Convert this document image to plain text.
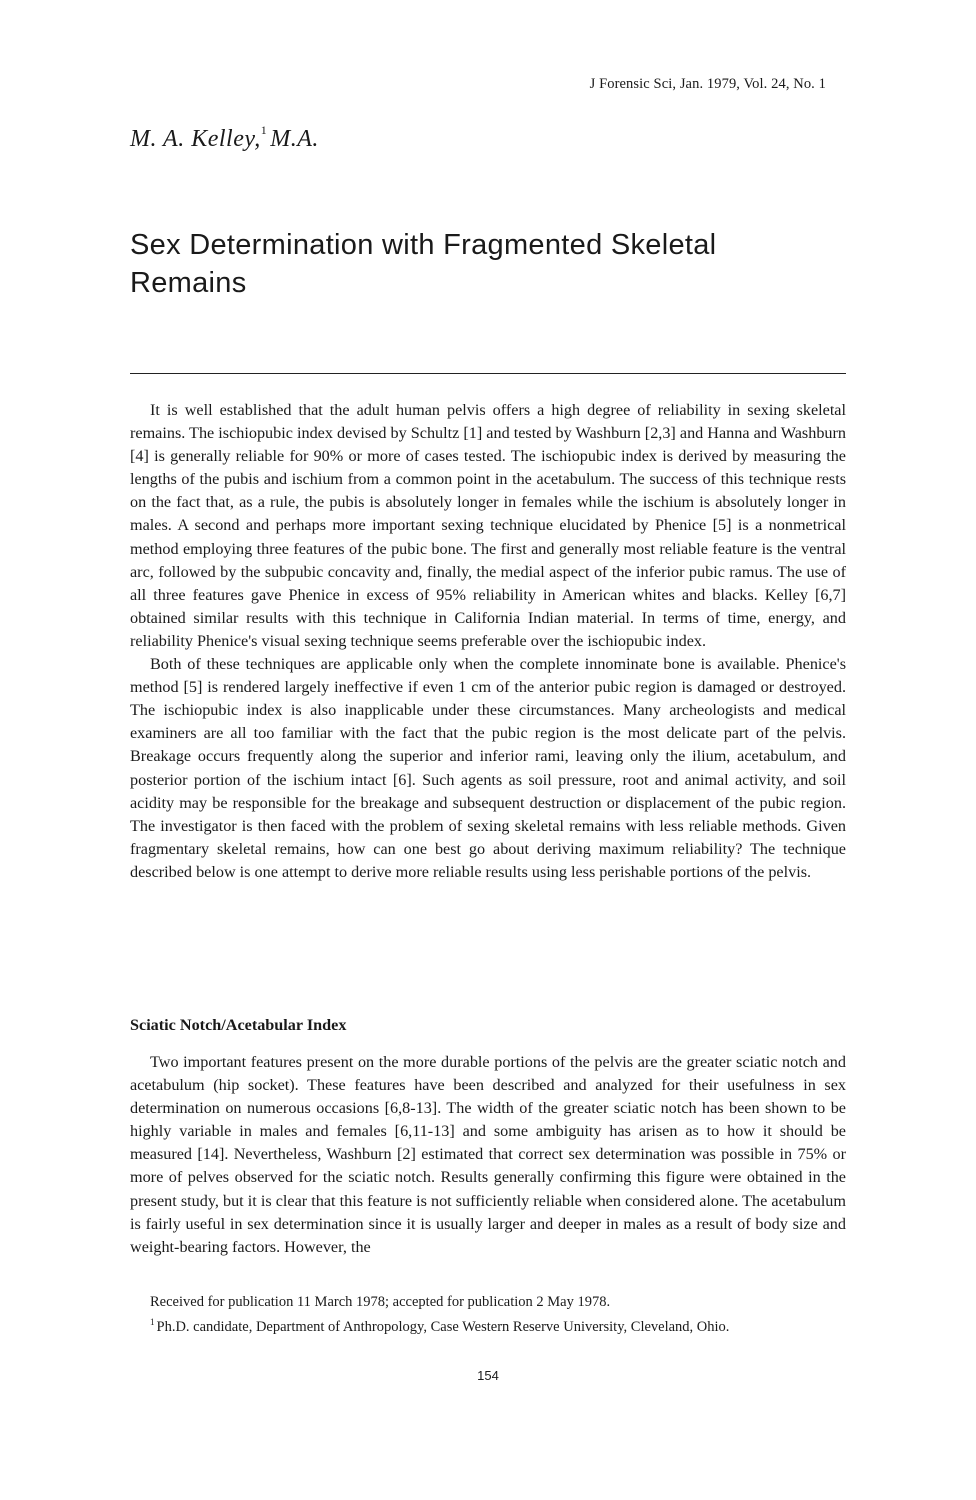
J Forensic Sci, Jan. 1979, Vol. 24, No. 1
M. A. Kelley,$^1$ M.A.
Sex Determination with Fragmented Skeletal Remains

It is well established that the adult human pelvis offers a high degree of reliability in sexing skeletal remains. The ischiopubic index devised by Schultz [1] and tested by Washburn [2,3] and Hanna and Washburn [4] is generally reliable for 90% or more of cases tested. The ischiopubic index is derived by measuring the lengths of the pubis and ischium from a common point in the acetabulum. The success of this technique rests on the fact that, as a rule, the pubis is absolutely longer in females while the ischium is absolutely longer in males. A second and perhaps more important sexing technique elucidated by Phenice [5] is a nonmetrical method employing three features of the pubic bone. The first and generally most reliable feature is the ventral arc, followed by the subpubic concavity and, finally, the medial aspect of the inferior pubic ramus. The use of all three features gave Phenice in excess of 95% reliability in American whites and blacks. Kelley [6,7] obtained similar results with this technique in California Indian material. In terms of time, energy, and reliability Phenice's visual sexing technique seems preferable over the ischiopubic index.

Both of these techniques are applicable only when the complete innominate bone is available. Phenice's method [5] is rendered largely ineffective if even 1 cm of the anterior pubic region is damaged or destroyed. The ischiopubic index is also inapplicable under these circumstances. Many archeologists and medical examiners are all too familiar with the fact that the pubic region is the most delicate part of the pelvis. Breakage occurs frequently along the superior and inferior rami, leaving only the ilium, acetabulum, and posterior portion of the ischium intact [6]. Such agents as soil pressure, root and animal activity, and soil acidity may be responsible for the breakage and subsequent destruction or displacement of the pubic region. The investigator is then faced with the problem of sexing skeletal remains with less reliable methods. Given fragmentary skeletal remains, how can one best go about deriving maximum reliability? The technique described below is one attempt to derive more reliable results using less perishable portions of the pelvis.

Sciatic Notch/Acetabular Index

Two important features present on the more durable portions of the pelvis are the greater sciatic notch and acetabulum (hip socket). These features have been described and analyzed for their usefulness in sex determination on numerous occasions [6,8-13]. The width of the greater sciatic notch has been shown to be highly variable in males and females [6,11-13] and some ambiguity has arisen as to how it should be measured [14]. Nevertheless, Washburn [2] estimated that correct sex determination was possible in 75% or more of pelves observed for the sciatic notch. Results generally confirming this figure were obtained in the present study, but it is clear that this feature is not sufficiently reliable when considered alone. The acetabulum is fairly useful in sex determination since it is usually larger and deeper in males as a result of body size and weight-bearing factors. However, the

Received for publication 11 March 1978; accepted for publication 2 May 1978.
$^1$ Ph.D. candidate, Department of Anthropology, Case Western Reserve University, Cleveland, Ohio.
154
